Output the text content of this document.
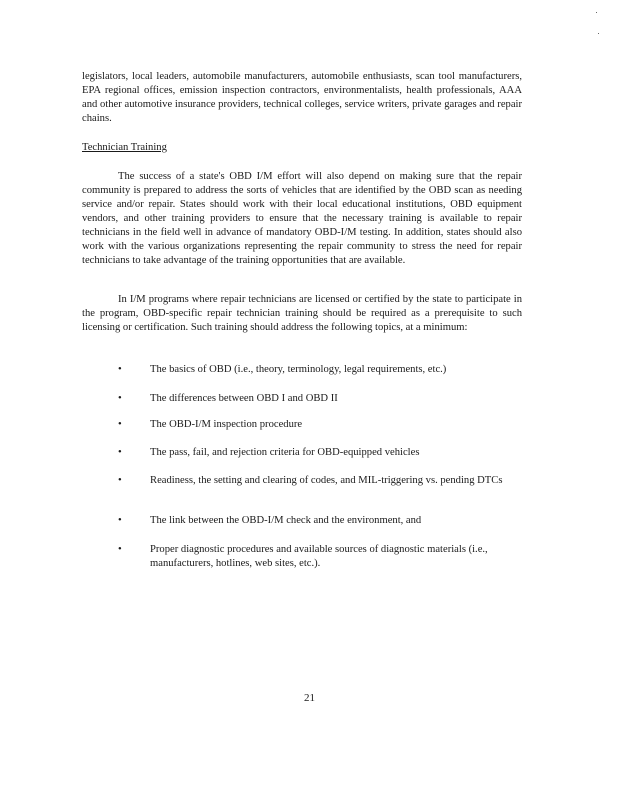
legislators, local leaders, automobile manufacturers, automobile enthusiasts, scan tool manufacturers, EPA regional offices, emission inspection contractors, environmentalists, health professionals, AAA and other automotive insurance providers, technical colleges, service writers, private garages and repair chains.

Technician Training

The success of a state's OBD I/M effort will also depend on making sure that the repair community is prepared to address the sorts of vehicles that are identified by the OBD scan as needing service and/or repair. States should work with their local educational institutions, OBD equipment vendors, and other training providers to ensure that the necessary training is available to repair technicians in the field well in advance of mandatory OBD-I/M testing. In addition, states should also work with the various organizations representing the repair community to stress the need for repair technicians to take advantage of the training opportunities that are available.

In I/M programs where repair technicians are licensed or certified by the state to participate in the program, OBD-specific repair technician training should be required as a prerequisite to such licensing or certification. Such training should address the following topics, at a minimum:

•	The basics of OBD (i.e., theory, terminology, legal requirements, etc.)
•	The differences between OBD I and OBD II
•	The OBD-I/M inspection procedure
•	The pass, fail, and rejection criteria for OBD-equipped vehicles
•	Readiness, the setting and clearing of codes, and MIL-triggering vs. pending DTCs
•	The link between the OBD-I/M check and the environment, and
•	Proper diagnostic procedures and available sources of diagnostic materials (i.e., manufacturers, hotlines, web sites, etc.).
21
